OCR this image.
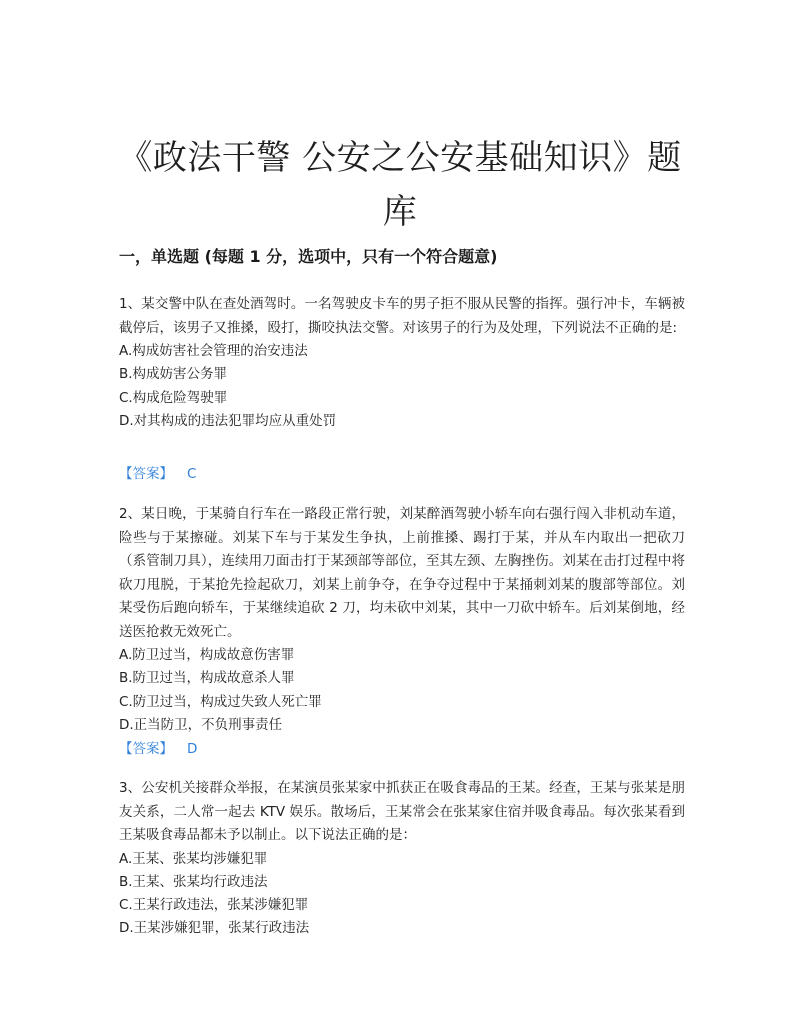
《政法干警 公安之公安基础知识》题库
一，单选题 (每题 1 分，选项中，只有一个符合题意)

1、某交警中队在查处酒驾时。一名驾驶皮卡车的男子拒不服从民警的指挥。强行冲卡，车辆被截停后，该男子又推搡，殴打，撕咬执法交警。对该男子的行为及处理，下列说法不正确的是:

A.构成妨害社会管理的治安违法
B.构成妨害公务罪
C.构成危险驾驶罪
D.对其构成的违法犯罪均应从重处罚
【答案】 C

2、某日晚，于某骑自行车在一路段正常行驶，刘某醉酒驾驶小轿车向右强行闯入非机动车道，险些与于某擦碰。刘某下车与于某发生争执，上前推搡、踢打于某，并从车内取出一把砍刀（系管制刀具），连续用刀面击打于某颈部等部位，至其左颈、左胸挫伤。刘某在击打过程中将砍刀甩脱，于某抢先捡起砍刀，刘某上前争夺，在争夺过程中于某捅刺刘某的腹部等部位。刘某受伤后跑向轿车，于某继续追砍 2 刀，均未砍中刘某，其中一刀砍中轿车。后刘某倒地，经送医抢救无效死亡。

A.防卫过当，构成故意伤害罪
B.防卫过当，构成故意杀人罪
C.防卫过当，构成过失致人死亡罪
D.正当防卫，不负刑事责任
【答案】 D

3、公安机关接群众举报，在某演员张某家中抓获正在吸食毒品的王某。经查，王某与张某是朋友关系，二人常一起去 KTV 娱乐。散场后，王某常会在张某家住宿并吸食毒品。每次张某看到王某吸食毒品都未予以制止。以下说法正确的是：

A.王某、张某均涉嫌犯罪
B.王某、张某均行政违法
C.王某行政违法，张某涉嫌犯罪
D.王某涉嫌犯罪，张某行政违法
